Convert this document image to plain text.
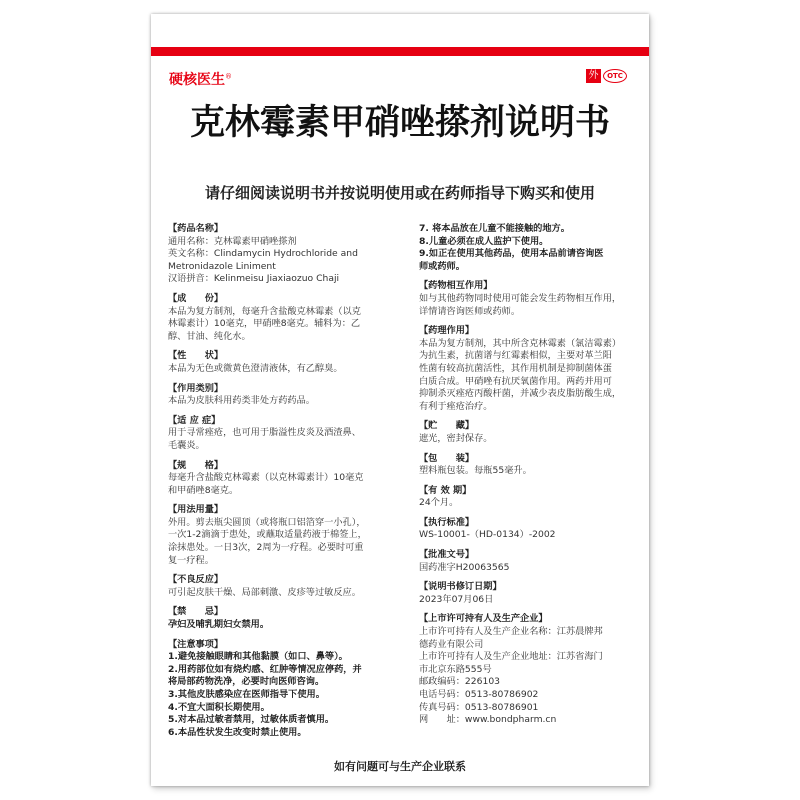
硬核医生®	外	OTC
克林霉素甲硝唑搽剂说明书
请仔细阅读说明书并按说明使用或在药师指导下购买和使用
【药品名称】
通用名称：克林霉素甲硝唑搽剂
英文名称：Clindamycin Hydrochloride and
Metronidazole Liniment
汉语拼音：Kelinmeisu Jiaxiaozuo Chaji
【成　　份】
本品为复方制剂，每毫升含盐酸克林霉素（以克
林霉素计）10毫克，甲硝唑8毫克。辅料为：乙
醇、甘油、纯化水。
【性　　状】
本品为无色或微黄色澄清液体，有乙醇臭。
【作用类别】
本品为皮肤科用药类非处方药药品。
【适 应 症】
用于寻常痤疮，也可用于脂溢性皮炎及酒渣鼻、
毛囊炎。
【规　　格】
每毫升含盐酸克林霉素（以克林霉素计）10毫克
和甲硝唑8毫克。
【用法用量】
外用。剪去瓶尖圆顶（或将瓶口铝箔穿一小孔），
一次1-2滴滴于患处，或蘸取适量药液于棉签上，
涂抹患处。一日3次，2周为一疗程。必要时可重
复一疗程。
【不良反应】
可引起皮肤干燥、局部刺激、皮疹等过敏反应。
【禁　　忌】
孕妇及哺乳期妇女禁用。
【注意事项】
1.避免接触眼睛和其他黏膜（如口、鼻等）。
2.用药部位如有烧灼感、红肿等情况应停药，并
将局部药物洗净，必要时向医师咨询。
3.其他皮肤感染应在医师指导下使用。
4.不宜大面积长期使用。
5.对本品过敏者禁用，过敏体质者慎用。
6.本品性状发生改变时禁止使用。
7. 将本品放在儿童不能接触的地方。
8.儿童必须在成人监护下使用。
9.如正在使用其他药品，使用本品前请咨询医
师或药师。
【药物相互作用】
如与其他药物同时使用可能会发生药物相互作用，
详情请咨询医师或药师。
【药理作用】
本品为复方制剂，其中所含克林霉素（氯洁霉素）
为抗生素，抗菌谱与红霉素相似，主要对革兰阳
性菌有较高抗菌活性，其作用机制是抑制菌体蛋
白质合成。甲硝唑有抗厌氧菌作用。两药并用可
抑制杀灭痤疮丙酸杆菌，并减少表皮脂肪酸生成，
有利于痤疮治疗。
【贮　　藏】
遮光，密封保存。
【包　　装】
塑料瓶包装。每瓶55毫升。
【有 效 期】
24个月。
【执行标准】
WS-10001-（HD-0134）-2002
【批准文号】
国药准字H20063565
【说明书修订日期】
2023年07月06日
【上市许可持有人及生产企业】
上市许可持有人及生产企业名称：江苏晨牌邦
德药业有限公司
上市许可持有人及生产企业地址：江苏省海门
市北京东路555号
邮政编码：226103
电话号码：0513-80786902
传真号码：0513-80786901
网　　址：www.bondpharm.cn
如有问题可与生产企业联系
